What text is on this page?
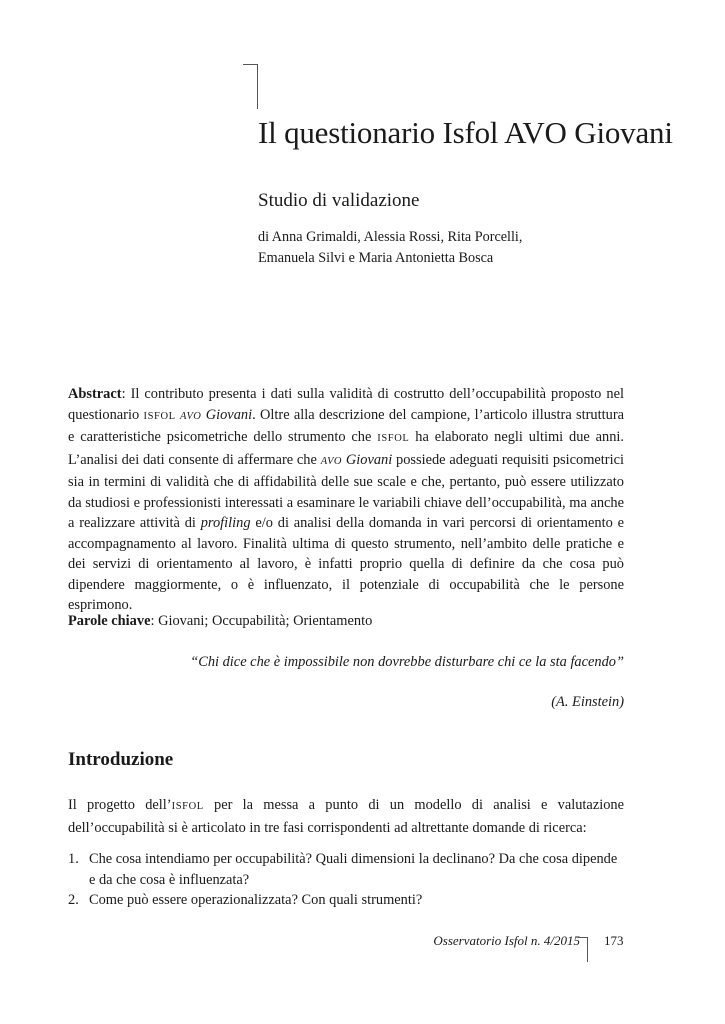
Il questionario Isfol AVO Giovani
Studio di validazione
di Anna Grimaldi, Alessia Rossi, Rita Porcelli,
Emanuela Silvi e Maria Antonietta Bosca
Abstract: Il contributo presenta i dati sulla validità di costrutto dell’occupabilità proposto nel questionario ISFOL AVO Giovani. Oltre alla descrizione del campione, l’articolo illustra struttura e caratteristiche psicometriche dello strumento che ISFOL ha elaborato negli ultimi due anni. L’analisi dei dati consente di affermare che AVO Giovani possiede adeguati requisiti psicometrici sia in termini di validità che di affidabilità delle sue scale e che, pertanto, può essere utilizzato da studiosi e professionisti interessati a esaminare le variabili chiave dell’occupabilità, ma anche a realizzare attività di profiling e/o di analisi della domanda in vari percorsi di orientamento e accompagnamento al lavoro. Finalità ultima di questo strumento, nell’ambito delle pratiche e dei servizi di orientamento al lavoro, è infatti proprio quella di definire da che cosa può dipendere maggiormente, o è influenzato, il potenziale di occupabilità che le persone esprimono.
Parole chiave: Giovani; Occupabilità; Orientamento
“Chi dice che è impossibile non dovrebbe disturbare chi ce la sta facendo”
(A. Einstein)
Introduzione
Il progetto dell’ISFOL per la messa a punto di un modello di analisi e valutazione dell’occupabilità si è articolato in tre fasi corrispondenti ad altrettante domande di ricerca:
1. Che cosa intendiamo per occupabilità? Quali dimensioni la declinano? Da che cosa dipende e da che cosa è influenzata?
2. Come può essere operazionalizzata? Con quali strumenti?
Osservatorio Isfol n. 4/2015 173
